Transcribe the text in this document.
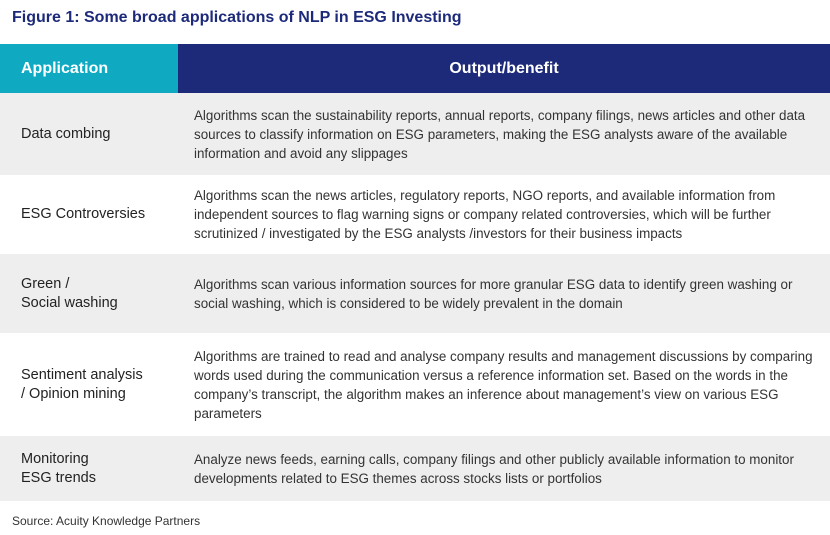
Figure 1: Some broad applications of NLP in ESG Investing
Application	Output/benefit
Data combing
Algorithms scan the sustainability reports, annual reports, company filings, news articles and other data sources to classify information on ESG parameters, making the ESG analysts aware of the available information and avoid any slippages
ESG Controversies
Algorithms scan the news articles, regulatory reports, NGO reports, and available information from independent sources to flag warning signs or company related controversies, which will be further scrutinized / investigated by the ESG analysts /investors for their business impacts
Green /
Social washing
Algorithms scan various information sources for more granular ESG data to identify green washing or social washing, which is considered to be widely prevalent in the domain
Sentiment analysis
/ Opinion mining
Algorithms are trained to read and analyse company results and management discussions by comparing words used during the communication versus a reference information set. Based on the words in the company’s transcript, the algorithm makes an inference about management’s view on various ESG parameters
Monitoring
ESG trends
Analyze news feeds, earning calls, company filings and other publicly available information to monitor developments related to ESG themes across stocks lists or portfolios
Source: Acuity Knowledge Partners
